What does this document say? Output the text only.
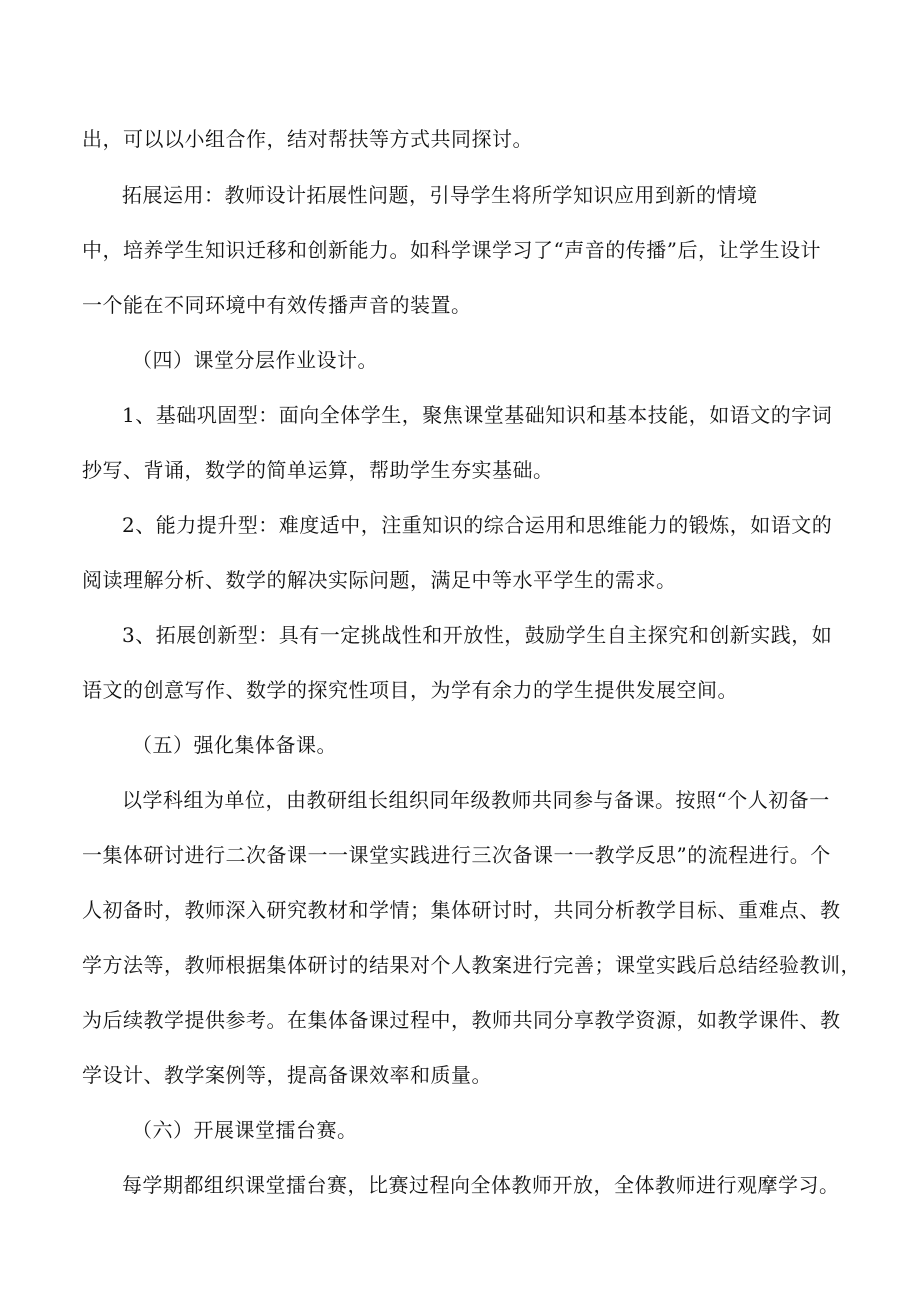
出，可以以小组合作，结对帮扶等方式共同探讨。
拓展运用：教师设计拓展性问题，引导学生将所学知识应用到新的情境
中，培养学生知识迁移和创新能力。如科学课学习了“声音的传播”后，让学生设计
一个能在不同环境中有效传播声音的装置。
（四）课堂分层作业设计。
1、基础巩固型：面向全体学生，聚焦课堂基础知识和基本技能，如语文的字词
抄写、背诵，数学的简单运算，帮助学生夯实基础。
2、能力提升型：难度适中，注重知识的综合运用和思维能力的锻炼，如语文的
阅读理解分析、数学的解决实际问题，满足中等水平学生的需求。
3、拓展创新型：具有一定挑战性和开放性，鼓励学生自主探究和创新实践，如
语文的创意写作、数学的探究性项目，为学有余力的学生提供发展空间。
（五）强化集体备课。
以学科组为单位，由教研组长组织同年级教师共同参与备课。按照“个人初备一
一集体研讨进行二次备课一一课堂实践进行三次备课一一教学反思”的流程进行。个
人初备时，教师深入研究教材和学情；集体研讨时，共同分析教学目标、重难点、教
学方法等，教师根据集体研讨的结果对个人教案进行完善；课堂实践后总结经验教训，
为后续教学提供参考。在集体备课过程中，教师共同分享教学资源，如教学课件、教
学设计、教学案例等，提高备课效率和质量。
（六）开展课堂擂台赛。
每学期都组织课堂擂台赛，比赛过程向全体教师开放，全体教师进行观摩学习。
